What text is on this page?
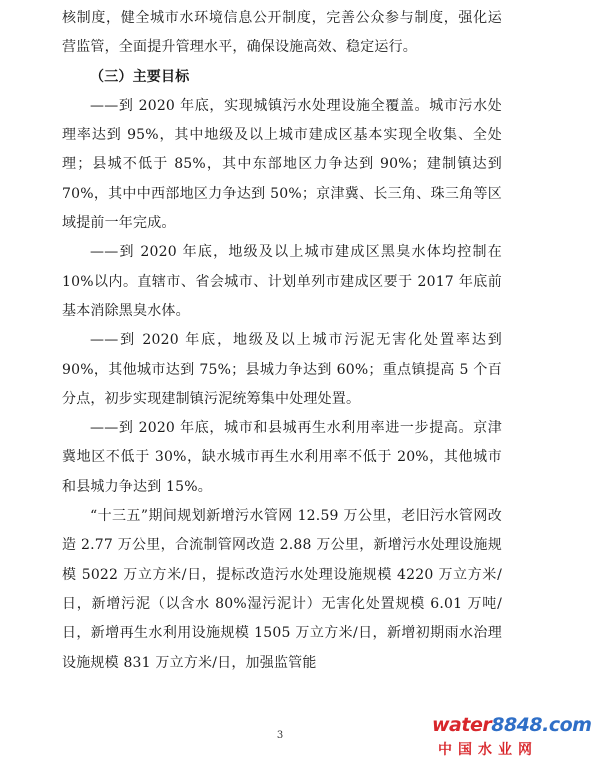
核制度，健全城市水环境信息公开制度，完善公众参与制度，强化运营监管，全面提升管理水平，确保设施高效、稳定运行。

（三）主要目标

——到 2020 年底，实现城镇污水处理设施全覆盖。城市污水处理率达到 95%，其中地级及以上城市建成区基本实现全收集、全处理；县城不低于 85%，其中东部地区力争达到 90%；建制镇达到 70%，其中中西部地区力争达到 50%；京津冀、长三角、珠三角等区域提前一年完成。

——到 2020 年底，地级及以上城市建成区黑臭水体均控制在 10%以内。直辖市、省会城市、计划单列市建成区要于 2017 年底前基本消除黑臭水体。

——到 2020 年底，地级及以上城市污泥无害化处置率达到 90%，其他城市达到 75%；县城力争达到 60%；重点镇提高 5 个百分点，初步实现建制镇污泥统筹集中处理处置。

——到 2020 年底，城市和县城再生水利用率进一步提高。京津冀地区不低于 30%，缺水城市再生水利用率不低于 20%，其他城市和县城力争达到 15%。

“十三五”期间规划新增污水管网 12.59 万公里，老旧污水管网改造 2.77 万公里，合流制管网改造 2.88 万公里，新增污水处理设施规模 5022 万立方米/日，提标改造污水处理设施规模 4220 万立方米/日，新增污泥（以含水 80%湿污泥计）无害化处置规模 6.01 万吨/日，新增再生水利用设施规模 1505 万立方米/日，新增初期雨水治理设施规模 831 万立方米/日，加强监管能

3	water8848.com
中国水业网
